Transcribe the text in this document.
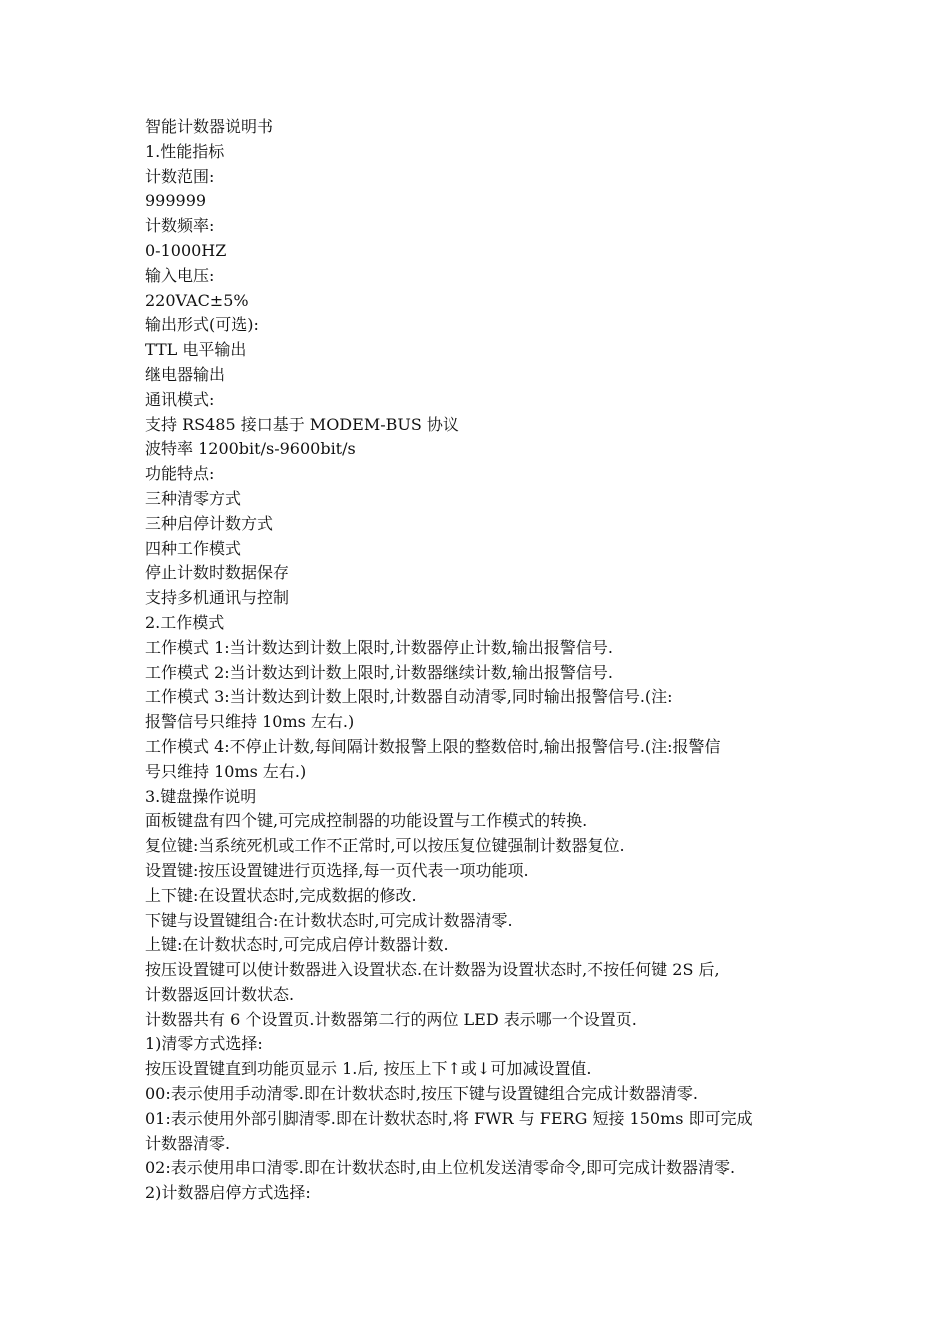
智能计数器说明书
1.性能指标
计数范围:
999999
计数频率:
0-1000HZ
输入电压:
220VAC±5%
输出形式(可选):
TTL 电平输出
继电器输出
通讯模式:
支持 RS485 接口基于 MODEM-BUS 协议
波特率 1200bit/s-9600bit/s
功能特点:
三种清零方式
三种启停计数方式
四种工作模式
停止计数时数据保存
支持多机通讯与控制
2.工作模式
工作模式 1:当计数达到计数上限时,计数器停止计数,输出报警信号.
工作模式 2:当计数达到计数上限时,计数器继续计数,输出报警信号.
工作模式 3:当计数达到计数上限时,计数器自动清零,同时输出报警信号.(注:
报警信号只维持 10ms 左右.)
工作模式 4:不停止计数,每间隔计数报警上限的整数倍时,输出报警信号.(注:报警信
号只维持 10ms 左右.)
3.键盘操作说明
面板键盘有四个键,可完成控制器的功能设置与工作模式的转换.
复位键:当系统死机或工作不正常时,可以按压复位键强制计数器复位.
设置键:按压设置键进行页选择,每一页代表一项功能项.
上下键:在设置状态时,完成数据的修改.
下键与设置键组合:在计数状态时,可完成计数器清零.
上键:在计数状态时,可完成启停计数器计数.
按压设置键可以使计数器进入设置状态.在计数器为设置状态时,不按任何键 2S 后,
计数器返回计数状态.
计数器共有 6 个设置页.计数器第二行的两位 LED 表示哪一个设置页.
1)清零方式选择:
按压设置键直到功能页显示 1.后, 按压上下↑或↓可加减设置值.
00:表示使用手动清零.即在计数状态时,按压下键与设置键组合完成计数器清零.
01:表示使用外部引脚清零.即在计数状态时,将 FWR 与 FERG 短接 150ms 即可完成
计数器清零.
02:表示使用串口清零.即在计数状态时,由上位机发送清零命令,即可完成计数器清零.
2)计数器启停方式选择:
